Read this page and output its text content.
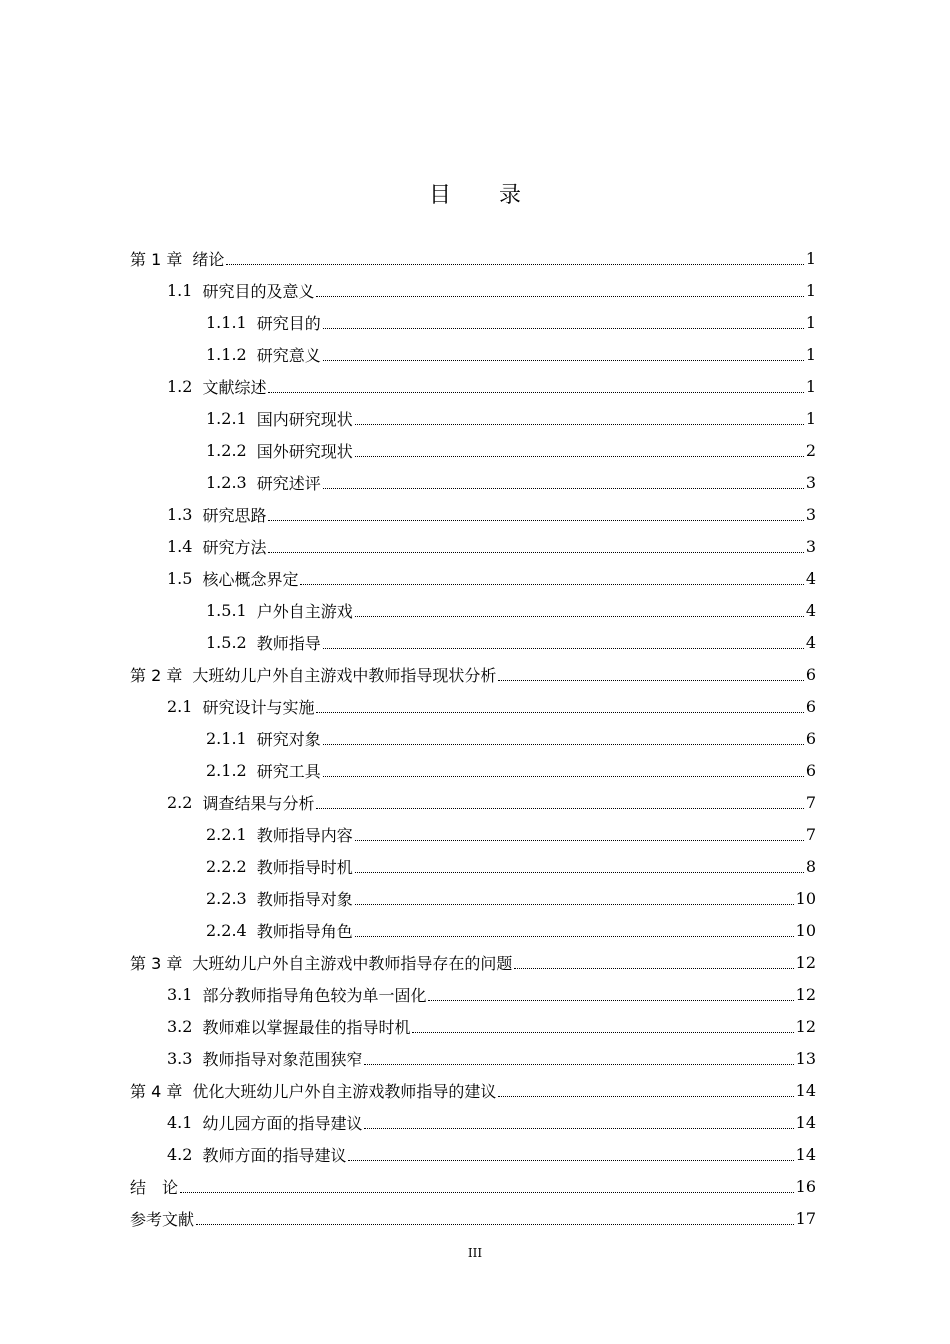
目 录
第 1 章 绪论	1
1.1 研究目的及意义	1
1.1.1 研究目的	1
1.1.2 研究意义	1
1.2 文献综述	1
1.2.1 国内研究现状	1
1.2.2 国外研究现状	2
1.2.3 研究述评	3
1.3 研究思路	3
1.4 研究方法	3
1.5 核心概念界定	4
1.5.1 户外自主游戏	4
1.5.2 教师指导	4
第 2 章 大班幼儿户外自主游戏中教师指导现状分析	6
2.1 研究设计与实施	6
2.1.1 研究对象	6
2.1.2 研究工具	6
2.2 调查结果与分析	7
2.2.1 教师指导内容	7
2.2.2 教师指导时机	8
2.2.3 教师指导对象	10
2.2.4 教师指导角色	10
第 3 章 大班幼儿户外自主游戏中教师指导存在的问题	12
3.1 部分教师指导角色较为单一固化	12
3.2 教师难以掌握最佳的指导时机	12
3.3 教师指导对象范围狭窄	13
第 4 章 优化大班幼儿户外自主游戏教师指导的建议	14
4.1 幼儿园方面的指导建议	14
4.2 教师方面的指导建议	14
结　论	16
参考文献	17
III
